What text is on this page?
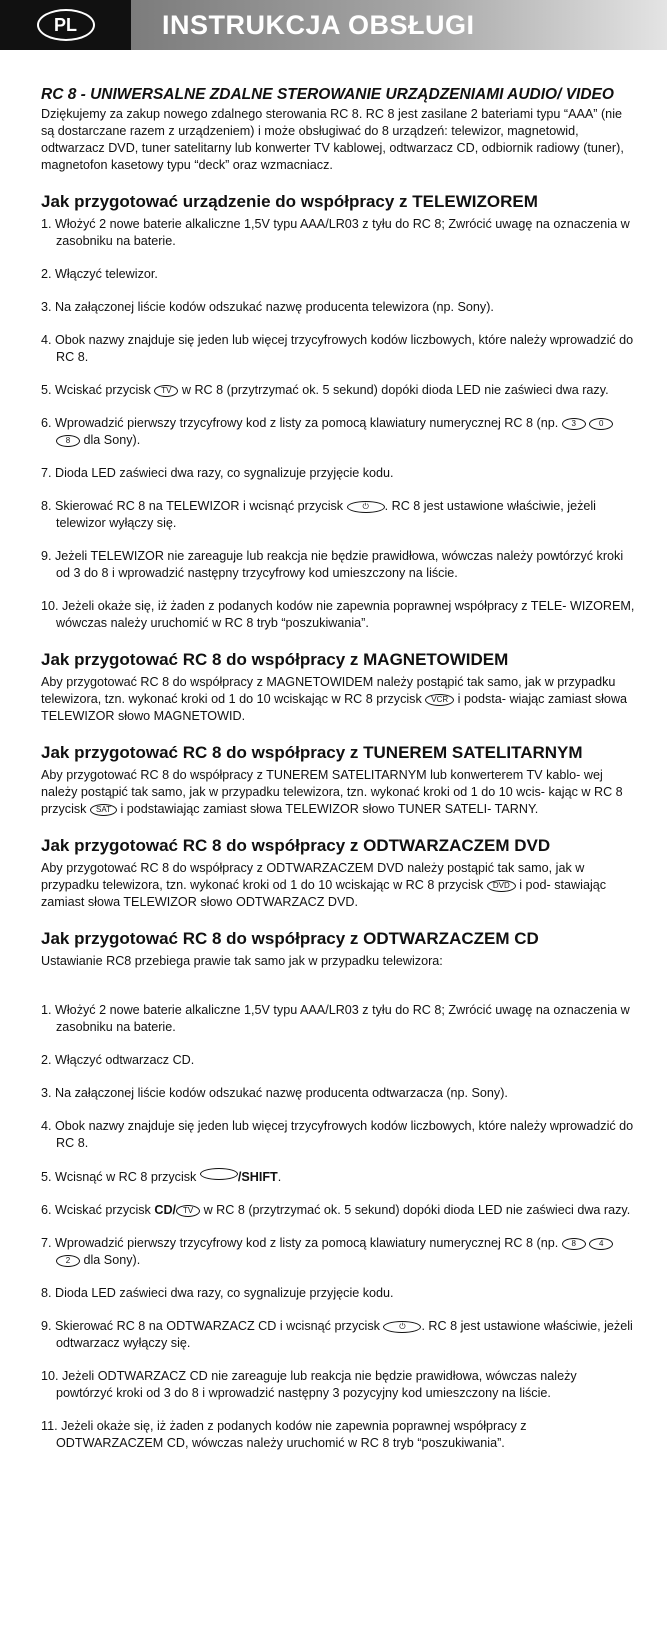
PL	INSTRUKCJA OBSŁUGI
RC 8 - UNIWERSALNE ZDALNE STEROWANIE URZĄDZENIAMI AUDIO/ VIDEO

Dziękujemy za zakup nowego zdalnego sterowania RC 8. RC 8 jest zasilane 2 bateriami typu “AAA” (nie są dostarczane razem z urządzeniem) i może obsługiwać do 8 urządzeń: telewizor, magnetowid, odtwarzacz DVD, tuner satelitarny lub konwerter TV kablowej, odtwarzacz CD, odbiornik radiowy (tuner), magnetofon kasetowy typu “deck” oraz wzmacniacz.

Jak przygotować urządzenie do współpracy z TELEWIZOREM
1. Włożyć 2 nowe baterie alkaliczne 1,5V typu AAA/LR03 z tyłu do RC 8; Zwrócić uwagę na oznaczenia w zasobniku na baterie.
2. Włączyć telewizor.
3. Na załączonej liście kodów odszukać nazwę producenta telewizora (np. Sony).
4. Obok nazwy znajduje się jeden lub więcej trzycyfrowych kodów liczbowych, które należy wprowadzić do RC 8.
5. Wciskać przycisk TV w RC 8 (przytrzymać ok. 5 sekund) dopóki dioda LED nie zaświeci dwa razy.
6. Wprowadzić pierwszy trzycyfrowy kod z listy za pomocą klawiatury numerycznej RC 8 (np. 3	0 8 dla Sony).
7. Dioda LED zaświeci dwa razy, co sygnalizuje przyjęcie kodu.
8. Skierować RC 8 na TELEWIZOR i wcisnąć przycisk ⏻ . RC 8 jest ustawione właściwie, jeżeli telewizor wyłączy się.
9. Jeżeli TELEWIZOR nie zareaguje lub reakcja nie będzie prawidłowa, wówczas należy powtórzyć kroki od 3 do 8 i wprowadzić następny trzycyfrowy kod umieszczony na liście.
10. Jeżeli okaże się, iż żaden z podanych kodów nie zapewnia poprawnej współpracy z TELE- WIZOREM, wówczas należy uruchomić w RC 8 tryb “poszukiwania”.
Jak przygotować RC 8 do współpracy z MAGNETOWIDEM

Aby przygotować RC 8 do współpracy z MAGNETOWIDEM należy postąpić tak samo, jak w przypadku telewizora, tzn. wykonać kroki od 1 do 10 wciskając w RC 8 przycisk VCR i podsta- wiając zamiast słowa TELEWIZOR słowo MAGNETOWID.

Jak przygotować RC 8 do współpracy z TUNEREM SATELITARNYM

Aby przygotować RC 8 do współpracy z TUNEREM SATELITARNYM lub konwerterem TV kablo- wej należy postąpić tak samo, jak w przypadku telewizora, tzn. wykonać kroki od 1 do 10 wcis- kając w RC 8 przycisk SAT i podstawiając zamiast słowa TELEWIZOR słowo TUNER SATELI- TARNY.

Jak przygotować RC 8 do współpracy z ODTWARZACZEM DVD

Aby przygotować RC 8 do współpracy z ODTWARZACZEM DVD należy postąpić tak samo, jak w przypadku telewizora, tzn. wykonać kroki od 1 do 10 wciskając w RC 8 przycisk DVD i pod- stawiając zamiast słowa TELEWIZOR słowo ODTWARZACZ DVD.

Jak przygotować RC 8 do współpracy z ODTWARZACZEM CD

Ustawianie RC8 przebiega prawie tak samo jak w przypadku telewizora:

1. Włożyć 2 nowe baterie alkaliczne 1,5V typu AAA/LR03 z tyłu do RC 8; Zwrócić uwagę na oznaczenia w zasobniku na baterie.
2. Włączyć odtwarzacz CD.
3. Na załączonej liście kodów odszukać nazwę producenta odtwarzacza (np. Sony).
4. Obok nazwy znajduje się jeden lub więcej trzycyfrowych kodów liczbowych, które należy wprowadzić do RC 8.
5. Wcisnąć w RC 8 przycisk	/SHIFT.
6. Wciskać przycisk CD/ TV w RC 8 (przytrzymać ok. 5 sekund) dopóki dioda LED nie zaświeci dwa razy.
7. Wprowadzić pierwszy trzycyfrowy kod z listy za pomocą klawiatury numerycznej RC 8 (np. 8	4 2 dla Sony).
8. Dioda LED zaświeci dwa razy, co sygnalizuje przyjęcie kodu.
9. Skierować RC 8 na ODTWARZACZ CD i wcisnąć przycisk ⏻ . RC 8 jest ustawione właściwie, jeżeli odtwarzacz wyłączy się.
10. Jeżeli ODTWARZACZ CD nie zareaguje lub reakcja nie będzie prawidłowa, wówczas należy powtórzyć kroki od 3 do 8 i wprowadzić następny 3 pozycyjny kod umieszczony na liście.
11. Jeżeli okaże się, iż żaden z podanych kodów nie zapewnia poprawnej współpracy z ODTWARZACZEM CD, wówczas należy uruchomić w RC 8 tryb “poszukiwania”.
